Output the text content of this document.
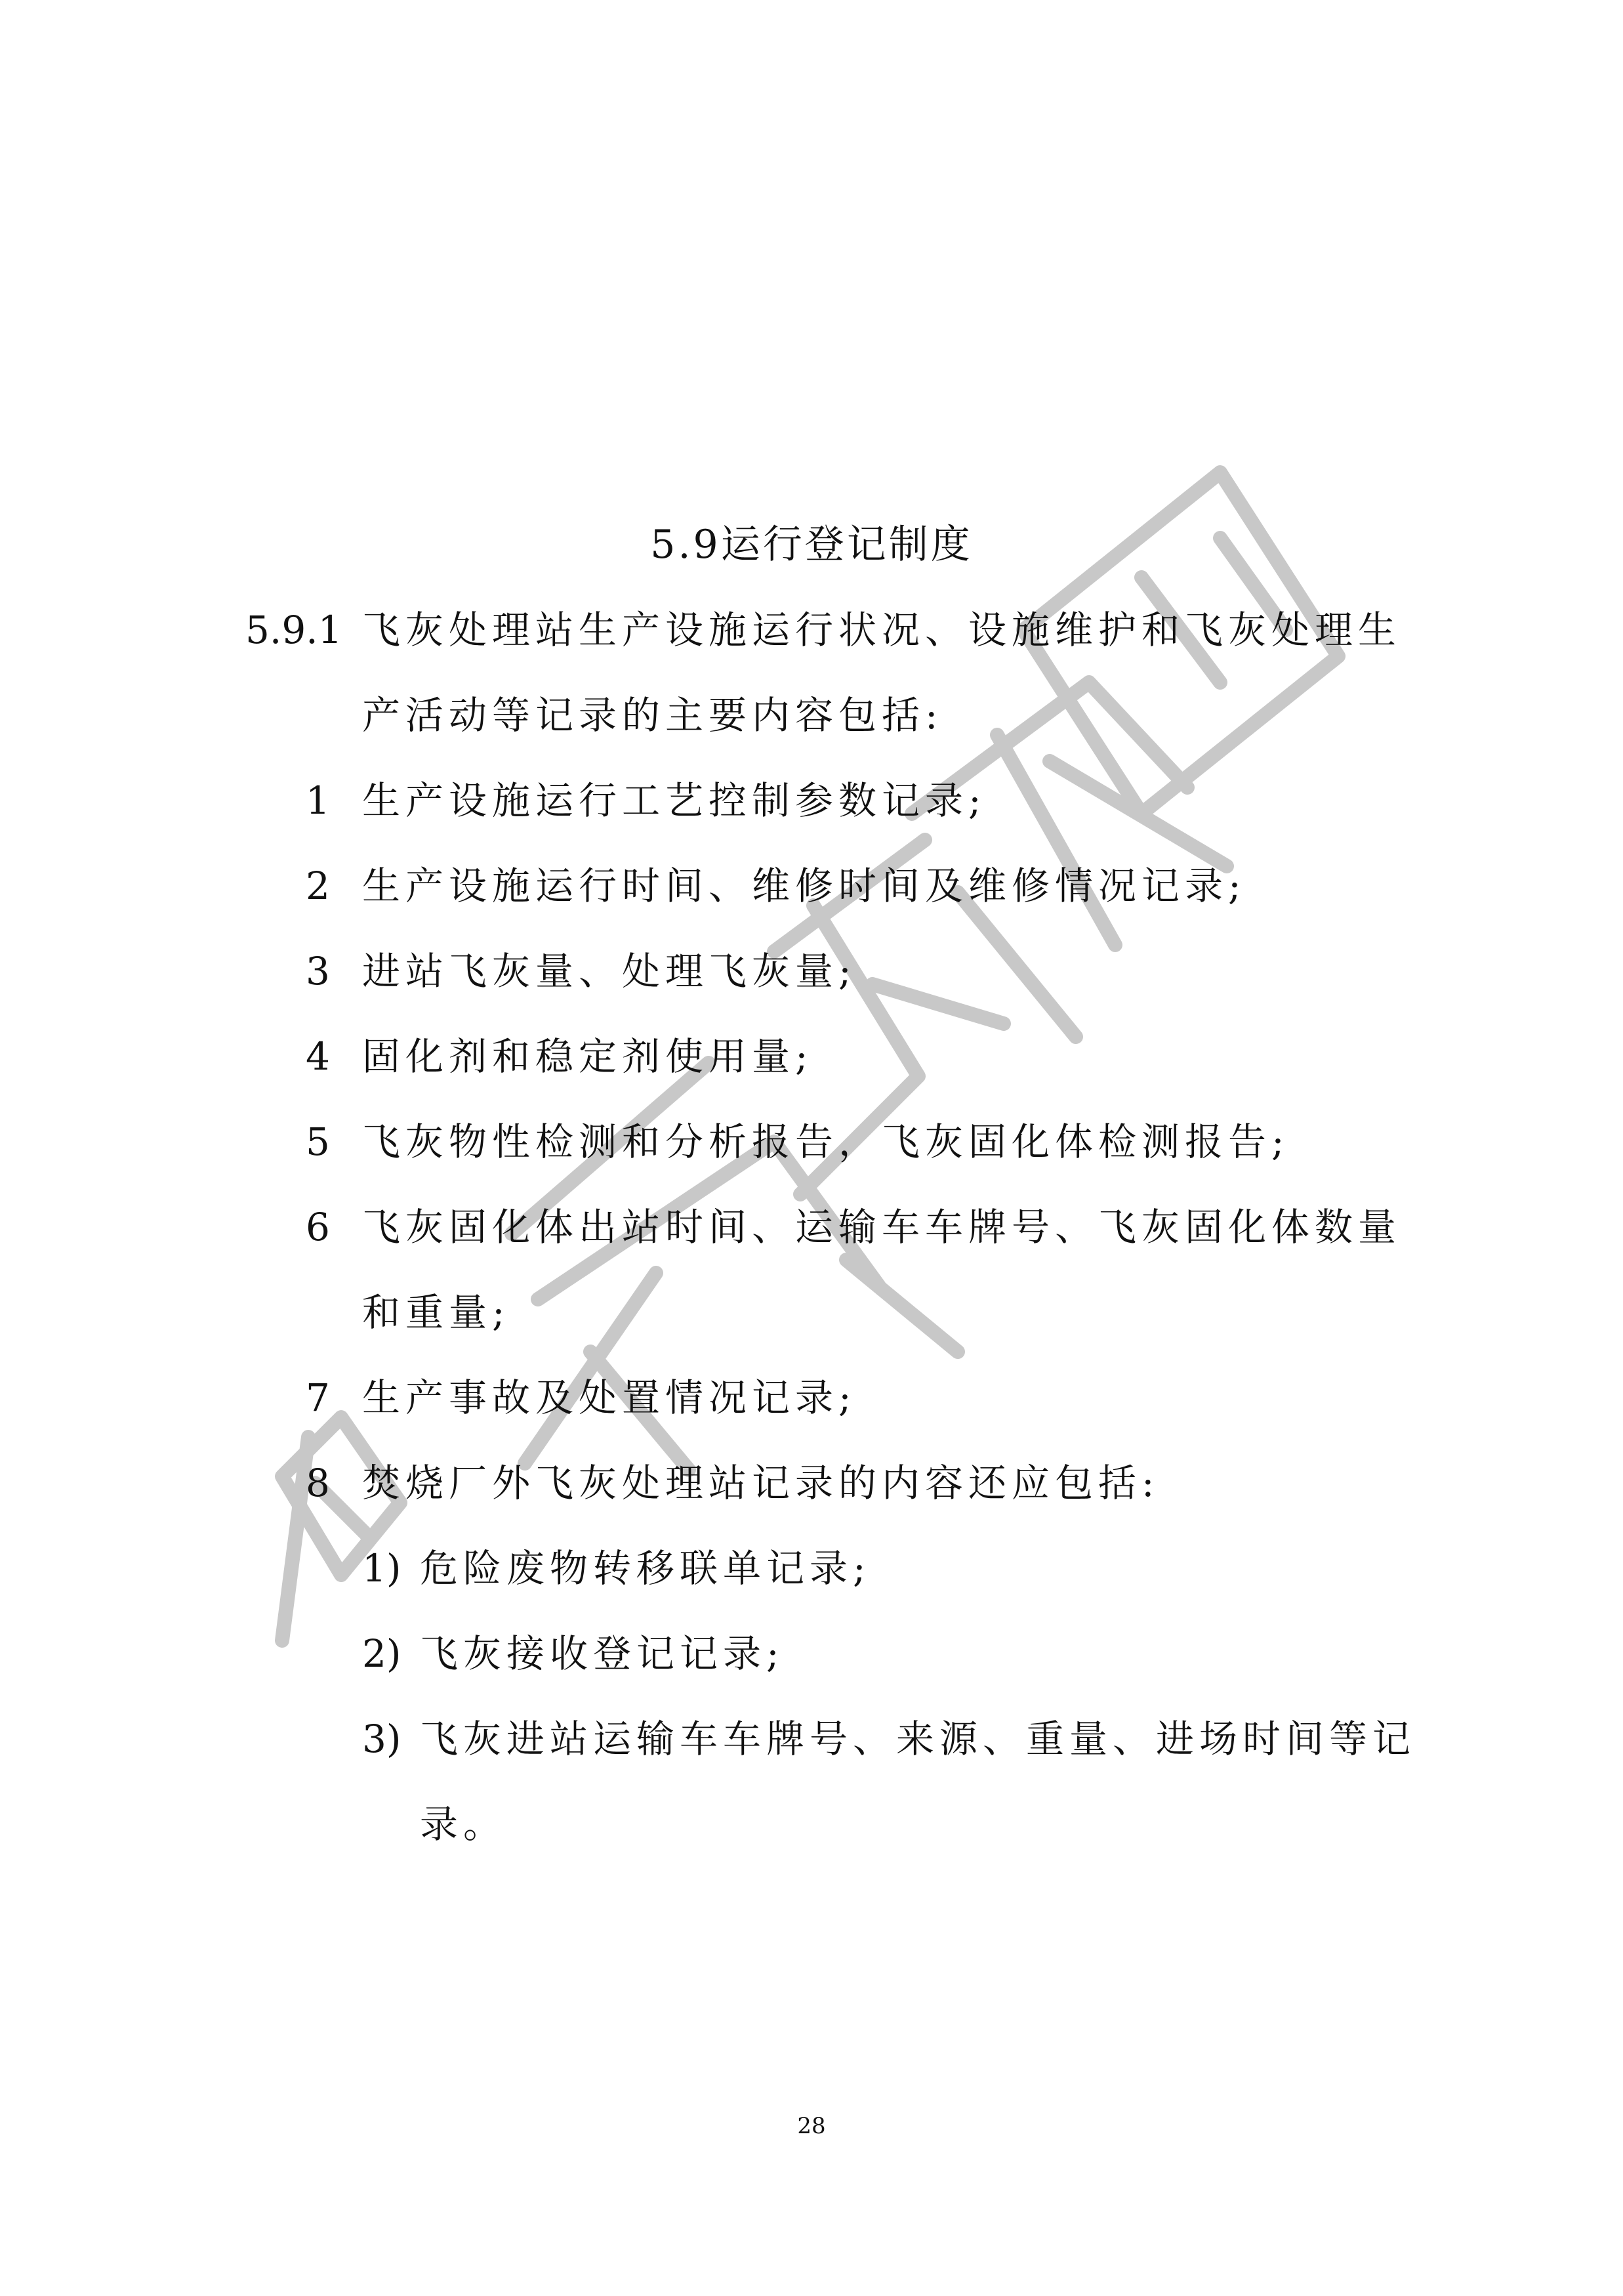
5.9运行登记制度
5.9.1 飞灰处理站生产设施运行状况、设施维护和飞灰处理生
产活动等记录的主要内容包括:
1 生产设施运行工艺控制参数记录;
2 生产设施运行时间、维修时间及维修情况记录;
3 进站飞灰量、处理飞灰量;
4 固化剂和稳定剂使用量;
5 飞灰物性检测和分析报告，飞灰固化体检测报告;
6 飞灰固化体出站时间、运输车车牌号、飞灰固化体数量
和重量;
7 生产事故及处置情况记录;
8 焚烧厂外飞灰处理站记录的内容还应包括:
1) 危险废物转移联单记录;
2) 飞灰接收登记记录;
3) 飞灰进站运输车车牌号、来源、重量、进场时间等记
录。
28
